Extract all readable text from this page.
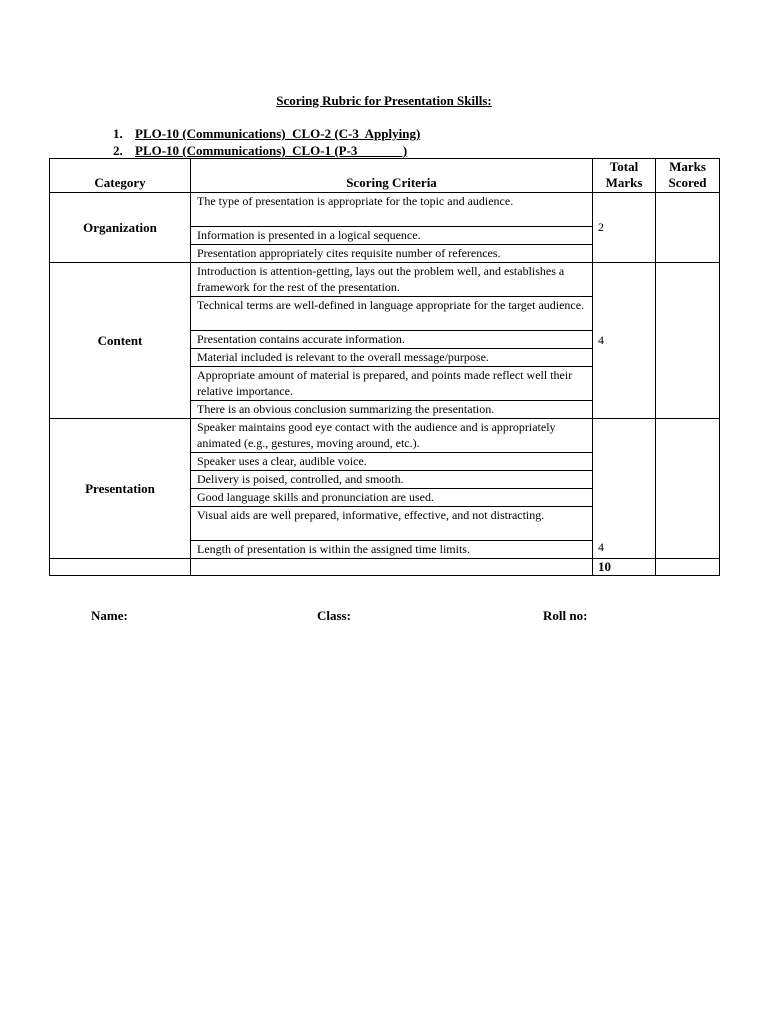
Scoring Rubric for Presentation Skills:
1. PLO-10 (Communications)  CLO-2 (C-3  Applying)
2. PLO-10 (Communications)  CLO-1 (P-3              )
Category	Scoring Criteria	Total Marks	Marks Scored
Organization	The type of presentation is appropriate for the topic and audience.	2	
	Information is presented in a logical sequence.		
	Presentation appropriately cites requisite number of references.		
Content	Introduction is attention-getting, lays out the problem well, and establishes a framework for the rest of the presentation.	4	
	Technical terms are well-defined in language appropriate for the target audience.		
	Presentation contains accurate information.		
	Material included is relevant to the overall message/purpose.		
	Appropriate amount of material is prepared, and points made reflect well their relative importance.		
	There is an obvious conclusion summarizing the presentation.		
Presentation	Speaker maintains good eye contact with the audience and is appropriately animated (e.g., gestures, moving around, etc.).	4	
	Speaker uses a clear, audible voice.		
	Delivery is poised, controlled, and smooth.		
	Good language skills and pronunciation are used.		
	Visual aids are well prepared, informative, effective, and not distracting.		
	Length of presentation is within the assigned time limits.		
		10	
Name:	Class:	Roll no:
